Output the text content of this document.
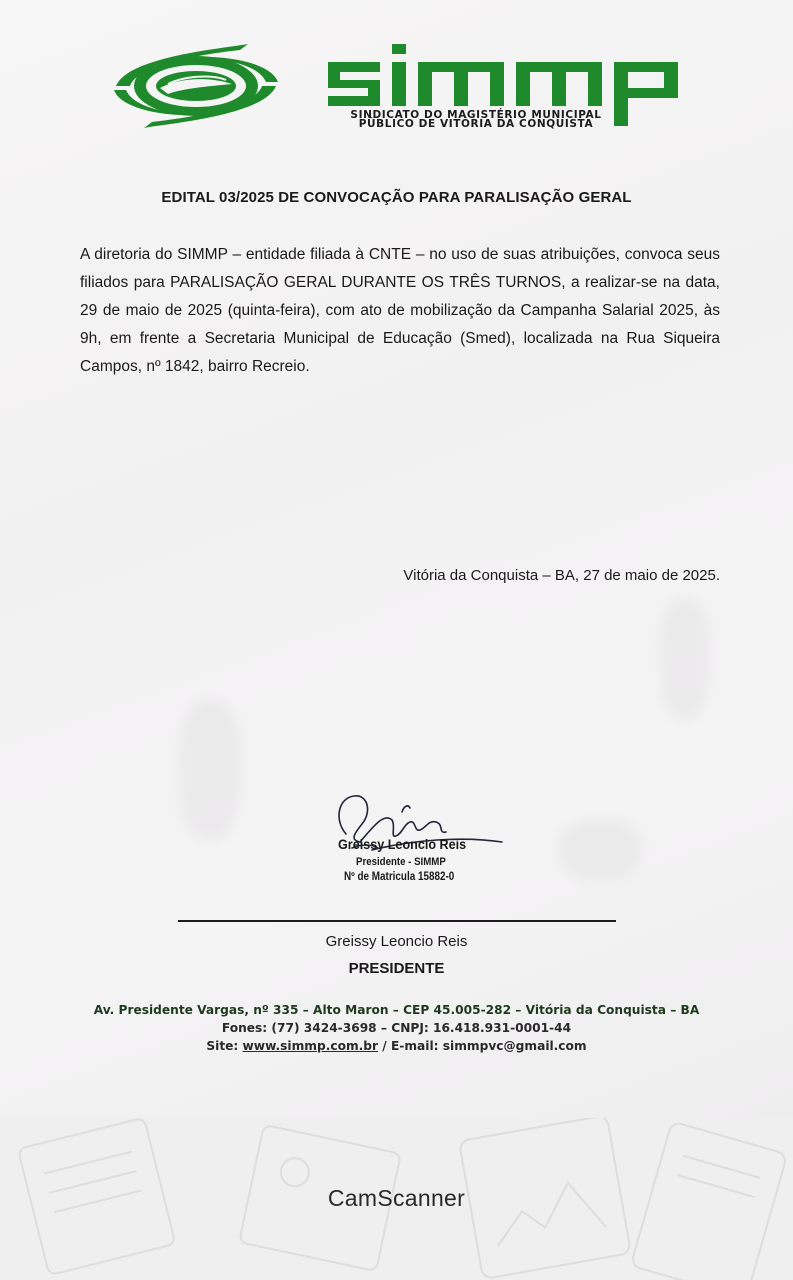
SINDICATO DO MAGISTÉRIO MUNICIPAL
PÚBLICO DE VITÓRIA DA CONQUISTA
EDITAL 03/2025 DE CONVOCAÇÃO PARA PARALISAÇÃO GERAL
A diretoria do SIMMP – entidade filiada à CNTE – no uso de suas atribuições, convoca seus filiados para PARALISAÇÃO GERAL DURANTE OS TRÊS TURNOS, a realizar-se na data, 29 de maio de 2025 (quinta-feira), com ato de mobilização da Campanha Salarial 2025, às 9h, em frente a Secretaria Municipal de Educação (Smed), localizada na Rua Siqueira Campos, nº 1842, bairro Recreio.
Vitória da Conquista – BA, 27 de maio de 2025.
Greissy Leoncio Reis
Presidente - SIMMP
Nº de Matricula 15882-0
Greissy Leoncio Reis
PRESIDENTE
Av. Presidente Vargas, nº 335 – Alto Maron – CEP 45.005-282 – Vitória da Conquista – BA
Fones: (77) 3424-3698 – CNPJ: 16.418.931-0001-44
Site: www.simmp.com.br / E-mail: simmpvc@gmail.com
CamScanner
